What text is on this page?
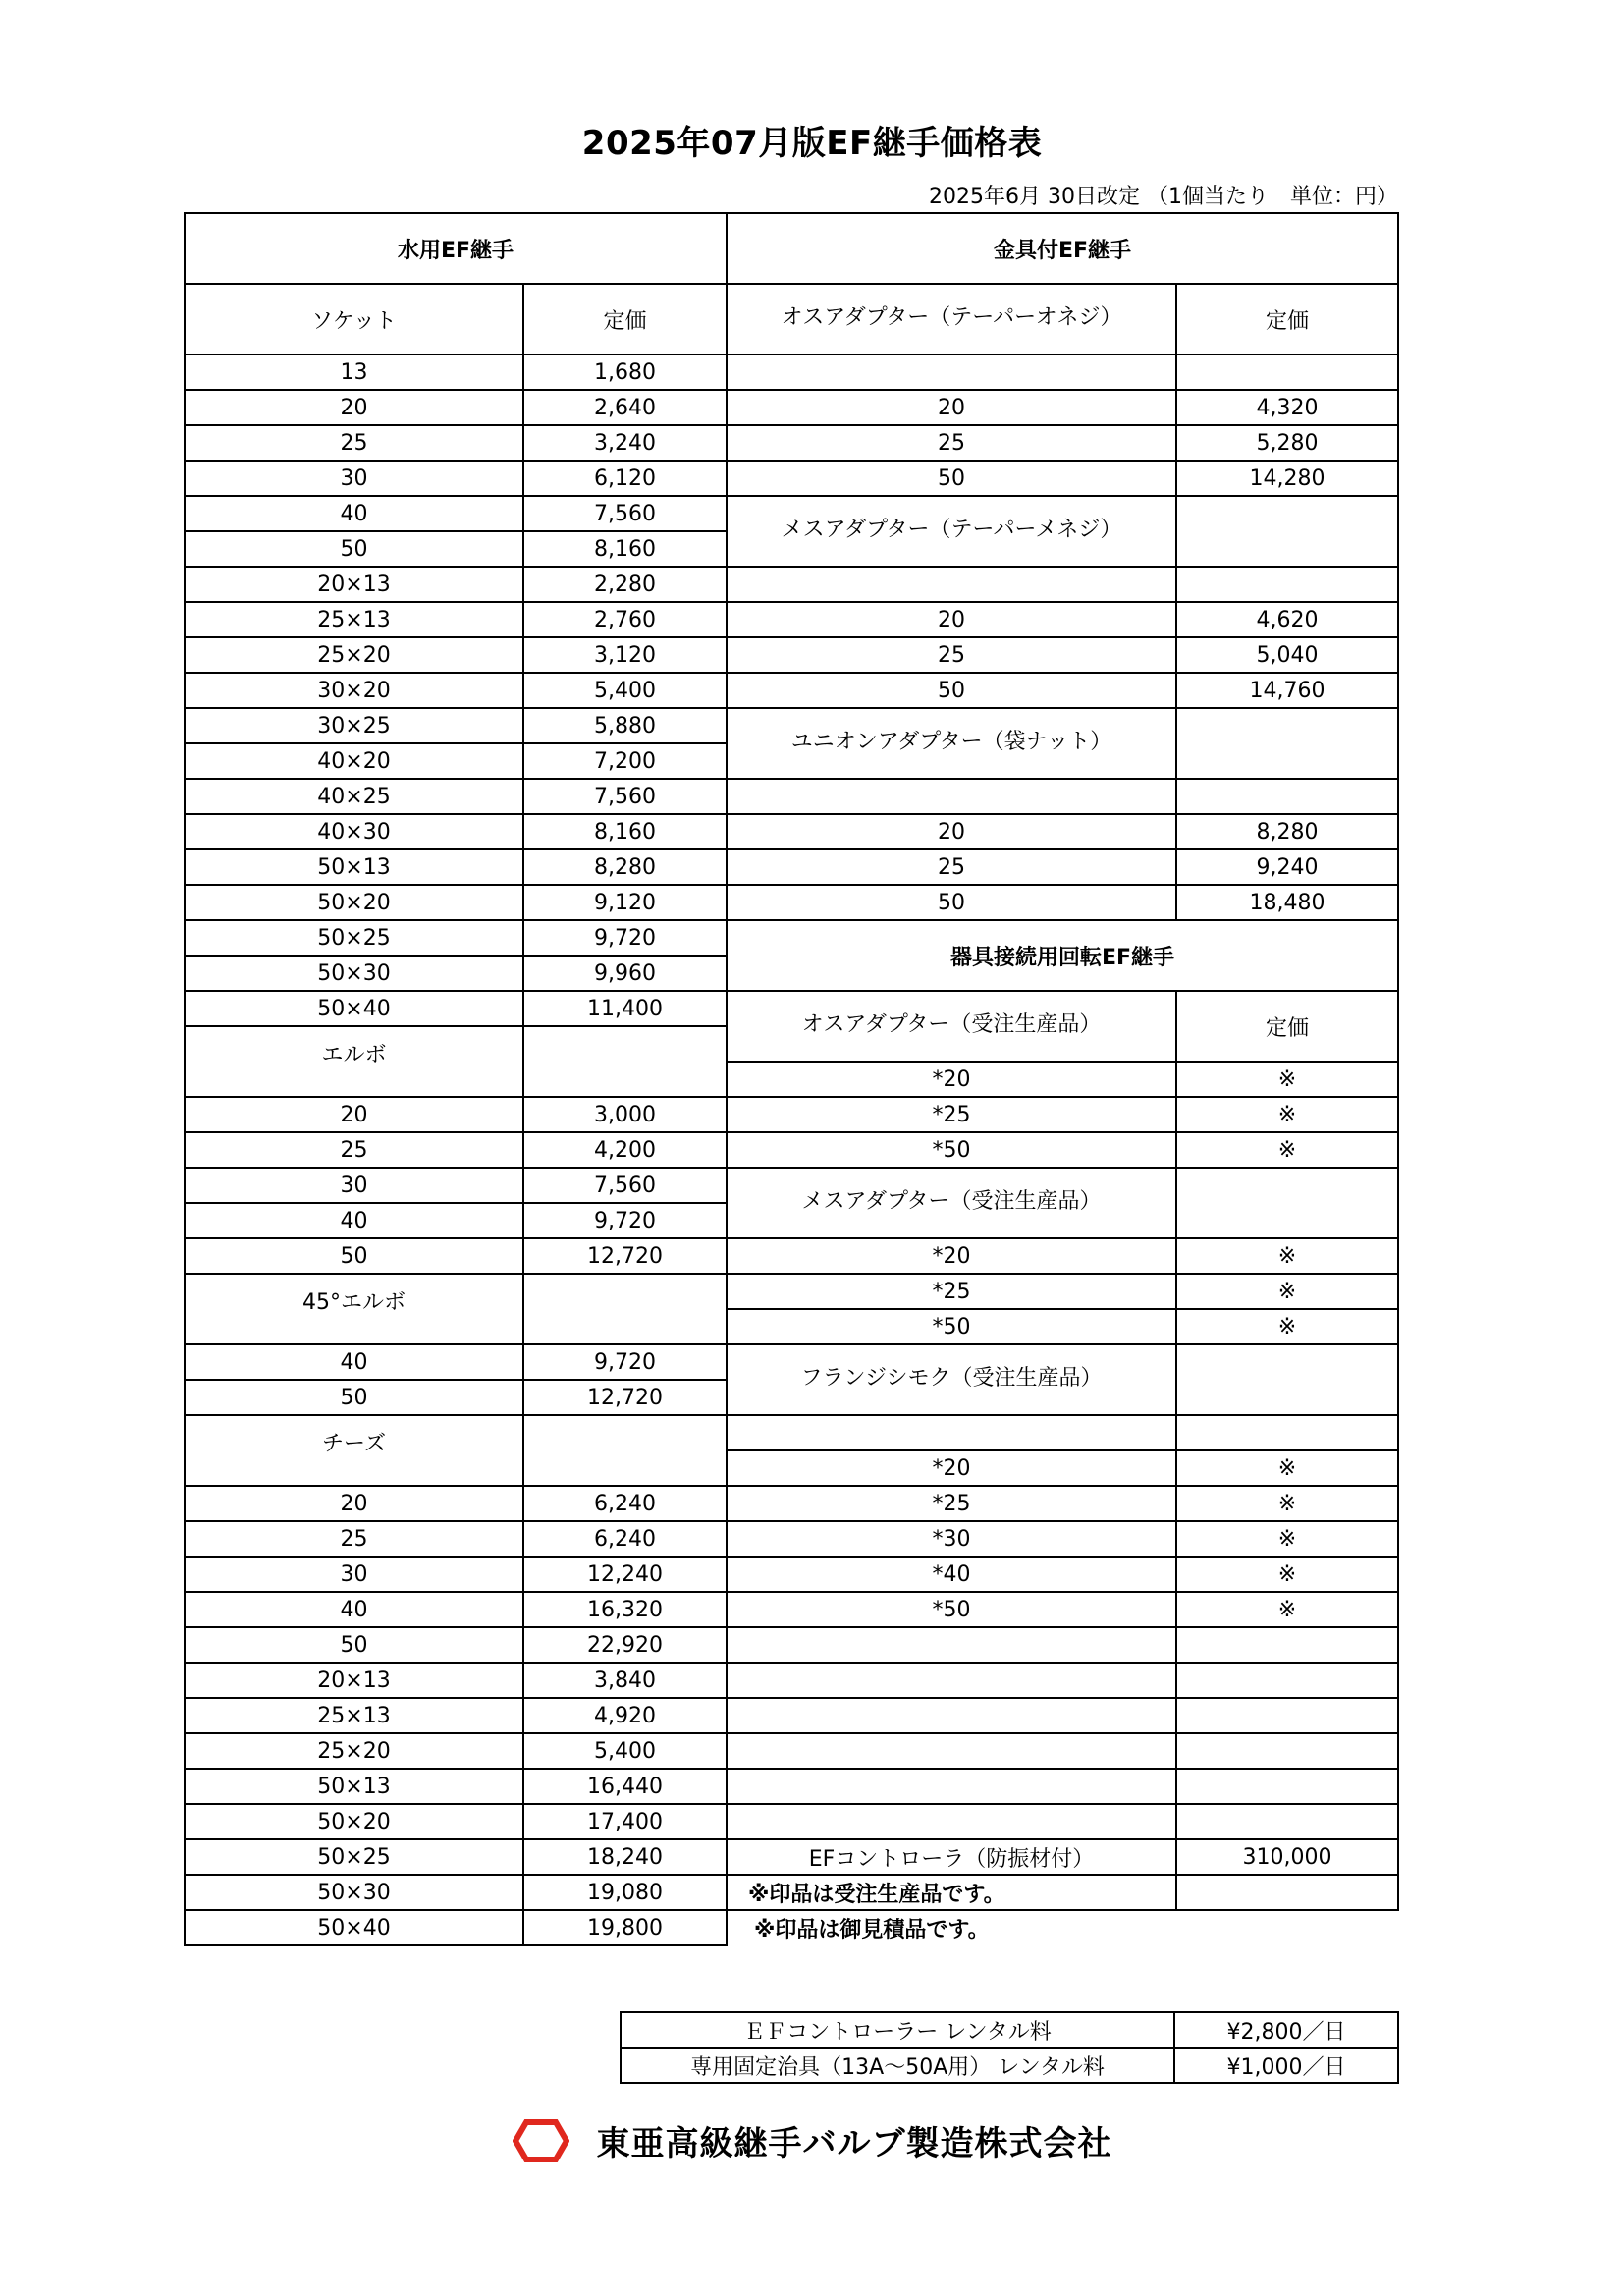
2025年07月版EF継手価格表
2025年6月 30日改定 （1個当たり　単位：円）
水用EF継手
ソケット	定価
13	1,680
20	2,640
25	3,240
30	6,120
40	7,560
50	8,160
20×13	2,280
25×13	2,760
25×20	3,120
30×20	5,400
30×25	5,880
40×20	7,200
40×25	7,560
40×30	8,160
50×13	8,280
50×20	9,120
50×25	9,720
50×30	9,960
50×40	11,400
エルボ
20	3,000
25	4,200
30	7,560
40	9,720
50	12,720
45°エルボ
40	9,720
50	12,720
チーズ
20	6,240
25	6,240
30	12,240
40	16,320
50	22,920
20×13	3,840
25×13	4,920
25×20	5,400
50×13	16,440
50×20	17,400
50×25	18,240
50×30	19,080
50×40	19,800
金具付EF継手
オスアダプター（テーパーオネジ）	定価
20	4,320
25	5,280
50	14,280
メスアダプター（テーパーメネジ）
20	4,620
25	5,040
50	14,760
ユニオンアダプター（袋ナット）
20	8,280
25	9,240
50	18,480
器具接続用回転EF継手
オスアダプター（受注生産品）	定価
*20	※
*25	※
*50	※
メスアダプター（受注生産品）
*20	※
*25	※
*50	※
フランジシモク（受注生産品）
*20	※
*25	※
*30	※
*40	※
*50	※
EFコントローラ（防振材付）	310,000
※印品は受注生産品です。
※印品は御見積品です。
ＥＦコントローラー レンタル料	¥2,800／日
専用固定治具（13A～50A用） レンタル料	¥1,000／日
東亜高級継手バルブ製造株式会社
